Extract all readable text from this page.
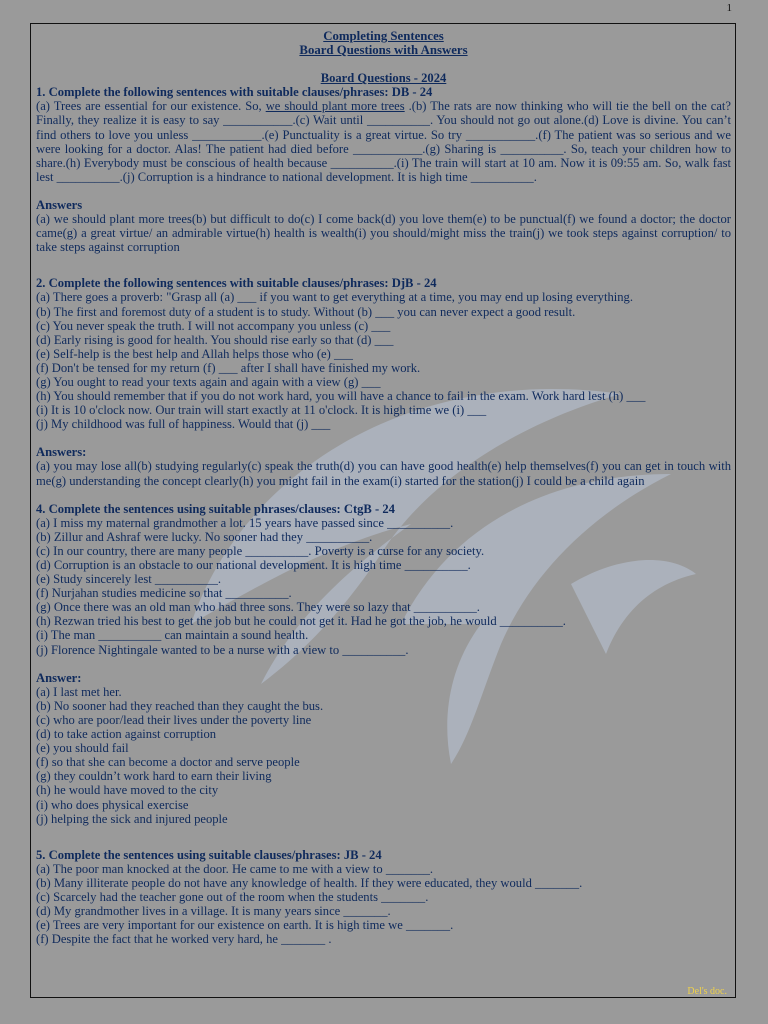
1
Completing Sentences
Board Questions with Answers
Board Questions - 2024
1. Complete the following sentences with suitable clauses/phrases: DB - 24
(a) Trees are essential for our existence. So, we should plant more trees .(b) The rats are now thinking who will tie the bell on the cat? Finally, they realize it is easy to say ___________.(c) Wait until __________. You should not go out alone.(d) Love is divine. You can’t find others to love you unless ___________.(e) Punctuality is a great virtue. So try ___________.(f) The patient was so serious and we were looking for a doctor. Alas! The patient had died before ___________.(g) Sharing is __________. So, teach your children how to share.(h) Everybody must be conscious of health because __________.(i) The train will start at 10 am. Now it is 09:55 am. So, walk fast lest __________.(j) Corruption is a hindrance to national development. It is high time __________.
Answers
(a) we should plant more trees(b) but difficult to do(c) I come back(d) you love them(e) to be punctual(f) we found a doctor; the doctor came(g) a great virtue/ an admirable virtue(h) health is wealth(i) you should/might miss the train(j) we took steps against corruption/ to take steps against corruption
2. Complete the following sentences with suitable clauses/phrases: DjB - 24
(a) There goes a proverb: "Grasp all (a) ___ if you want to get everything at a time, you may end up losing everything.
(b) The first and foremost duty of a student is to study. Without (b) ___ you can never expect a good result.
(c) You never speak the truth. I will not accompany you unless (c) ___
(d) Early rising is good for health. You should rise early so that (d) ___
(e) Self-help is the best help and Allah helps those who (e) ___
(f) Don't be tensed for my return (f) ___ after I shall have finished my work.
(g) You ought to read your texts again and again with a view (g) ___
(h) You should remember that if you do not work hard, you will have a chance to fail in the exam. Work hard lest (h) ___
(i) It is 10 o'clock now. Our train will start exactly at 11 o'clock. It is high time we (i) ___
(j) My childhood was full of happiness. Would that (j) ___
Answers:
(a) you may lose all(b) studying regularly(c) speak the truth(d) you can have good health(e) help themselves(f) you can get in touch with me(g) understanding the concept clearly(h) you might fail in the exam(i) started for the station(j) I could be a child again
4. Complete the sentences using suitable phrases/clauses: CtgB - 24
(a) I miss my maternal grandmother a lot. 15 years have passed since __________.
(b) Zillur and Ashraf were lucky. No sooner had they __________.
(c) In our country, there are many people __________. Poverty is a curse for any society.
(d) Corruption is an obstacle to our national development. It is high time __________.
(e) Study sincerely lest __________.
(f) Nurjahan studies medicine so that __________.
(g) Once there was an old man who had three sons. They were so lazy that __________.
(h) Rezwan tried his best to get the job but he could not get it. Had he got the job, he would __________.
(i) The man __________ can maintain a sound health.
(j) Florence Nightingale wanted to be a nurse with a view to __________.
Answer:
(a) I last met her.
(b) No sooner had they reached than they caught the bus.
(c) who are poor/lead their lives under the poverty line
(d) to take action against corruption
(e) you should fail
(f) so that she can become a doctor and serve people
(g) they couldn’t work hard to earn their living
(h) he would have moved to the city
(i) who does physical exercise
(j) helping the sick and injured people
5. Complete the sentences using suitable clauses/phrases: JB - 24
(a) The poor man knocked at the door. He came to me with a view to _______.
(b) Many illiterate people do not have any knowledge of health. If they were educated, they would _______.
(c) Scarcely had the teacher gone out of the room when the students _______.
(d) My grandmother lives in a village. It is many years since _______.
(e) Trees are very important for our existence on earth. It is high time we _______.
(f) Despite the fact that he worked very hard, he _______ .
Del's doc.
